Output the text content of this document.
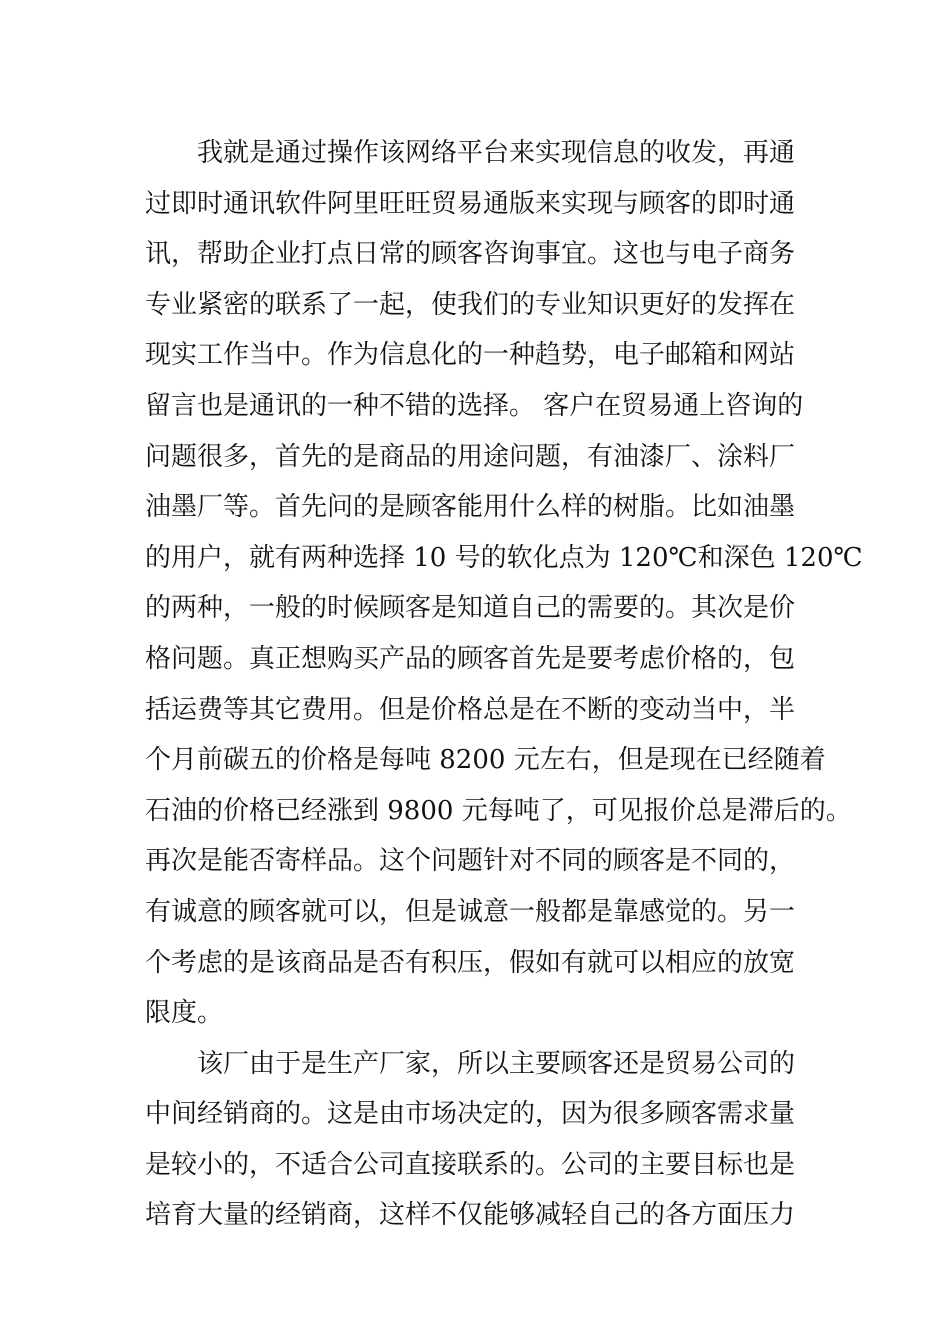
我就是通过操作该网络平台来实现信息的收发，再通
过即时通讯软件阿里旺旺贸易通版来实现与顾客的即时通
讯，帮助企业打点日常的顾客咨询事宜。这也与电子商务
专业紧密的联系了一起，使我们的专业知识更好的发挥在
现实工作当中。作为信息化的一种趋势，电子邮箱和网站
留言也是通讯的一种不错的选择。 客户在贸易通上咨询的
问题很多，首先的是商品的用途问题，有油漆厂、涂料厂
油墨厂等。首先问的是顾客能用什么样的树脂。比如油墨
的用户，就有两种选择 10 号的软化点为 120℃和深色 120℃
的两种，一般的时候顾客是知道自己的需要的。其次是价
格问题。真正想购买产品的顾客首先是要考虑价格的，包
括运费等其它费用。但是价格总是在不断的变动当中，半
个月前碳五的价格是每吨 8200 元左右，但是现在已经随着
石油的价格已经涨到 9800 元每吨了，可见报价总是滞后的。
再次是能否寄样品。这个问题针对不同的顾客是不同的，
有诚意的顾客就可以，但是诚意一般都是靠感觉的。另一
个考虑的是该商品是否有积压，假如有就可以相应的放宽
限度。
该厂由于是生产厂家，所以主要顾客还是贸易公司的
中间经销商的。这是由市场决定的，因为很多顾客需求量
是较小的，不适合公司直接联系的。公司的主要目标也是
培育大量的经销商，这样不仅能够减轻自己的各方面压力
